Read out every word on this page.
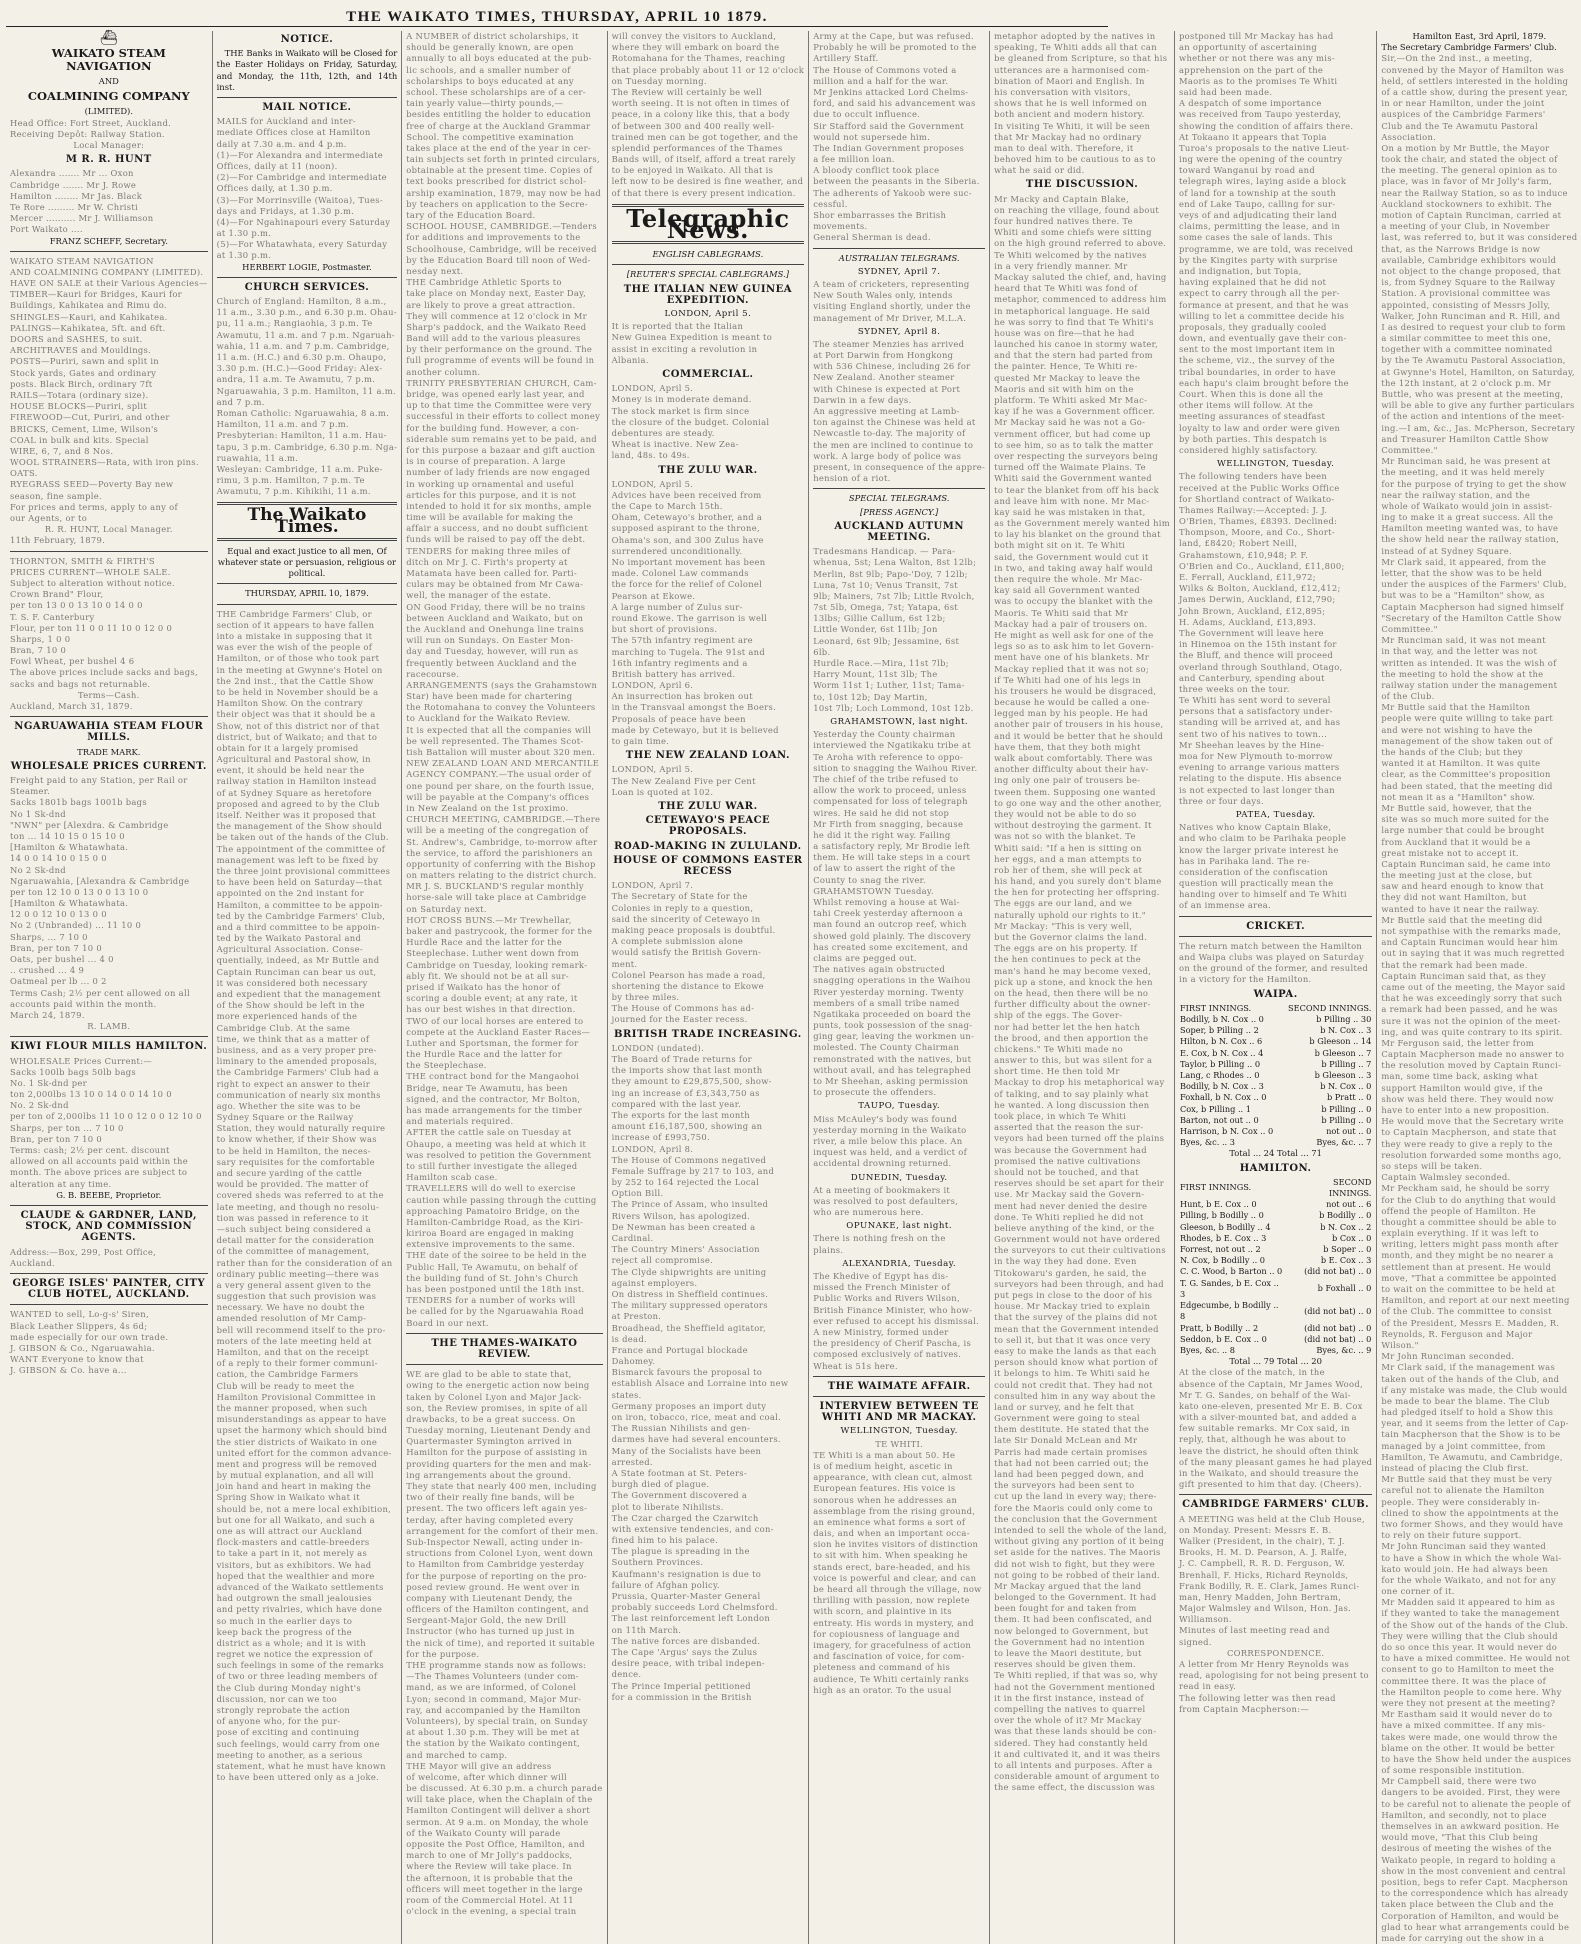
THE WAIKATO TIMES, THURSDAY, APRIL 10 1879.
⛴
WAIKATO STEAM NAVIGATION
AND
COALMINING COMPANY
(LIMITED).
Head Office: Fort Street, Auckland.
Receiving Depôt: Railway Station.
Local Manager:
M R. R. HUNT
Alexandra ....... Mr ... Oxon
Cambridge ....... Mr J. Rowe
Hamilton ........ Mr Jas. Black
Te Rore ......... Mr W. Christi
Mercer .......... Mr J. Williamson
Port Waikato ....
FRANZ SCHEFF, Secretary.
WAIKATO STEAM NAVIGATION
AND COALMINING COMPANY (LIMITED).
HAVE ON SALE at their Various Agencies—
TIMBER—Kauri for Bridges, Kauri for
Buildings, Kahikatea and Rimu do.
SHINGLES—Kauri, and Kahikatea.
PALINGS—Kahikatea, 5ft. and 6ft.
DOORS and SASHES, to suit.
ARCHITRAVES and Mouldings.
POSTS—Puriri, sawn and split in
Stock yards, Gates and ordinary
posts. Black Birch, ordinary 7ft
RAILS—Totara (ordinary size).
HOUSE BLOCKS—Puriri, split
FIREWOOD—Cut, Puriri, and other
BRICKS, Cement, Lime, Wilson's
COAL in bulk and kits. Special
WIRE, 6, 7, and 8 Nos.
WOOL STRAINERS—Rata, with iron pins.
OATS.
RYEGRASS SEED—Poverty Bay new
season, fine sample.
For prices and terms, apply to any of
our Agents, or to
R. R. HUNT, Local Manager.
11th February, 1879.
THORNTON, SMITH & FIRTH'S
PRICES CURRENT—WHOLE SALE.
Subject to alteration without notice.
Crown Brand" Flour,
per ton 13 0 0 13 10 0 14 0 0
T. S. F. Canterbury
Flour, per ton 11 0 0 11 10 0 12 0 0
Sharps, 1 0 0
Bran, 7 10 0
Fowl Wheat, per bushel 4 6
The above prices include sacks and bags,
sacks and bags not returnable.
Terms—Cash.
Auckland, March 31, 1879.
NGARUAWAHIA STEAM FLOUR MILLS.
TRADE MARK.
WHOLESALE PRICES CURRENT.
Freight paid to any Station, per Rail or
Steamer.
Sacks 1801b bags 1001b bags
No 1 Sk-dnd
"NWN" per [Alexdra. & Cambridge
ton ... 14 10 15 0 15 10 0
[Hamilton & Whatawhata.
14 0 0 14 10 0 15 0 0
No 2 Sk-dnd
Ngaruawahia, [Alexandra & Cambridge
per ton 12 10 0 13 0 0 13 10 0
[Hamilton & Whatawhata.
12 0 0 12 10 0 13 0 0
No 2 (Unbranded) ... 11 10 0
Sharps, ... 7 10 0
Bran, per ton 7 10 0
Oats, per bushel ... 4 0
.. crushed ... 4 9
Oatmeal per lb ... 0 2
Terms Cash; 2½ per cent allowed on all
accounts paid within the month.
March 24, 1879.
R. LAMB.
KIWI FLOUR MILLS HAMILTON.
WHOLESALE Prices Current:—
Sacks 100lb bags 50lb bags
No. 1 Sk-dnd per
ton 2,000lbs 13 10 0 14 0 0 14 10 0
No. 2 Sk-dnd
per ton of 2,000lbs 11 10 0 12 0 0 12 10 0
Sharps, per ton ... 7 10 0
Bran, per ton 7 10 0
Terms: cash; 2½ per cent. discount
allowed on all accounts paid within the
month. The above prices are subject to
alteration at any time.
G. B. BEEBE, Proprietor.
CLAUDE & GARDNER, LAND, STOCK, AND COMMISSION AGENTS.
Address:—Box, 299, Post Office,
Auckland.
GEORGE ISLES' PAINTER, CITY CLUB HOTEL, AUCKLAND.
WANTED to sell, Lo-g-s' Siren,
Black Leather Slippers, 4s 6d;
made especially for our own trade.
J. GIBSON & Co., Ngaruawahia.
WANT Everyone to know that
J. GIBSON & Co. have a...
NOTICE.

THE Banks in Waikato will be Closed for the Easter Holidays on Friday, Saturday, and Monday, the 11th, 12th, and 14th inst.

MAIL NOTICE.
MAILS for Auckland and inter-
mediate Offices close at Hamilton
daily at 7.30 a.m. and 4 p.m.
(1)—For Alexandra and intermediate
Offices, daily at 11 (noon).
(2)—For Cambridge and intermediate
Offices daily, at 1.30 p.m.
(3)—For Morrinsville (Waitoa), Tues-
days and Fridays, at 1.30 p.m.
(4)—For Ngahinapouri every Saturday
at 1.30 p.m.
(5)—For Whatawhata, every Saturday
at 1.30 p.m.
HERBERT LOGIE, Postmaster.
CHURCH SERVICES.
Church of England: Hamilton, 8 a.m.,
11 a.m., 3.30 p.m., and 6.30 p.m. Ohau-
pu, 11 a.m.; Rangiaohia, 3 p.m. Te
Awamutu, 11 a.m. and 7 p.m. Ngaruah-
wahia, 11 a.m. and 7 p.m. Cambridge,
11 a.m. (H.C.) and 6.30 p.m. Ohaupo,
3.30 p.m. (H.C.)—Good Friday: Alex-
andra, 11 a.m. Te Awamutu, 7 p.m.
Ngaruawahia, 3 p.m. Hamilton, 11 a.m.
and 7 p.m.
Roman Catholic: Ngaruawahia, 8 a.m.
Hamilton, 11 a.m. and 7 p.m.
Presbyterian: Hamilton, 11 a.m. Hau-
tapu, 3 p.m. Cambridge, 6.30 p.m. Nga-
ruawahia, 11 a.m.
Wesleyan: Cambridge, 11 a.m. Puke-
rimu, 3 p.m. Hamilton, 7 p.m. Te
Awamutu, 7 p.m. Kihikihi, 11 a.m.
The Waikato Times.

Equal and exact justice to all men, Of whatever state or persuasion, religious or political.

THURSDAY, APRIL 10, 1879.
THE Cambridge Farmers' Club, or
section of it appears to have fallen
into a mistake in supposing that it
was ever the wish of the people of
Hamilton, or of those who took part
in the meeting at Gwynne's Hotel on
the 2nd inst., that the Cattle Show
to be held in November should be a
Hamilton Show. On the contrary
their object was that it should be a
Show, not of this district nor of that
district, but of Waikato; and that to
obtain for it a largely promised
Agricultural and Pastoral show, in
event, it should be held near the
railway station in Hamilton instead
of at Sydney Square as heretofore
proposed and agreed to by the Club
itself. Neither was it proposed that
the management of the Show should
be taken out of the hands of the Club.
The appointment of the committee of
management was left to be fixed by
the three joint provisional committees
to have been held on Saturday—that
appointed on the 2nd instant for
Hamilton, a committee to be appoin-
ted by the Cambridge Farmers' Club,
and a third committee to be appoin-
ted by the Waikato Pastoral and
Agricultural Association. Conse-
quentially, indeed, as Mr Buttle and
Captain Runciman can bear us out,
it was considered both necessary
and expedient that the management
of the Show should be left in the
more experienced hands of the
Cambridge Club. At the same
time, we think that as a matter of
business, and as a very proper pre-
liminary to the amended proposals,
the Cambridge Farmers' Club had a
right to expect an answer to their
communication of nearly six months
ago. Whether the site was to be
Sydney Square or the Railway
Station, they would naturally require
to know whether, if their Show was
to be held in Hamilton, the neces-
sary requisites for the comfortable
and secure yarding of the cattle
would be provided. The matter of
covered sheds was referred to at the
late meeting, and though no resolu-
tion was passed in reference to it
—such subject being considered a
detail matter for the consideration
of the committee of management,
rather than for the consideration of an
ordinary public meeting—there was
a very general assent given to the
suggestion that such provision was
necessary. We have no doubt the
amended resolution of Mr Camp-
bell will recommend itself to the pro-
moters of the late meeting held at
Hamilton, and that on the receipt
of a reply to their former communi-
cation, the Cambridge Farmers
Club will be ready to meet the
Hamilton Provisional Committee in
the manner proposed, when such
misunderstandings as appear to have
upset the harmony which should bind
the stier districts of Waikato in one
united effort for the common advance-
ment and progress will be removed
by mutual explanation, and all will
join hand and heart in making the
Spring Show in Waikato what it
should be, not a mere local exhibition,
but one for all Waikato, and such a
one as will attract our Auckland
flock-masters and cattle-breeders
to take a part in it, not merely as
visitors, but as exhibitors. We had
hoped that the wealthier and more
advanced of the Waikato settlements
had outgrown the small jealousies
and petty rivalries, which have done
so much in the earlier days to
keep back the progress of the
district as a whole; and it is with
regret we notice the expression of
such feelings in some of the remarks
of two or three leading members of
the Club during Monday night's
discussion, nor can we too
strongly reprobate the action
of anyone who, for the pur-
pose of exciting and continuing
such feelings, would carry from one
meeting to another, as a serious
statement, what he must have known
to have been uttered only as a joke.
A NUMBER of district scholarships, it
should be generally known, are open
annually to all boys educated at the pub-
lic schools, and a smaller number of
scholarships to boys educated at any
school. These scholarships are of a cer-
tain yearly value—thirty pounds,—
besides entitling the holder to education
free of charge at the Auckland Grammar
School. The competitive examination
takes place at the end of the year in cer-
tain subjects set forth in printed circulars,
obtainable at the present time. Copies of
text books prescribed for district schol-
arship examination, 1879, may now be had
by teachers on application to the Secre-
tary of the Education Board.
SCHOOL HOUSE, CAMBRIDGE.—Tenders
for additions and improvements to the
Schoolhouse, Cambridge, will be received
by the Education Board till noon of Wed-
nesday next.
THE Cambridge Athletic Sports to
take place on Monday next, Easter Day,
are likely to prove a great attraction.
They will commence at 12 o'clock in Mr
Sharp's paddock, and the Waikato Reed
Band will add to the various pleasures
by their performance on the ground. The
full programme of events will be found in
another column.
TRINITY PRESBYTERIAN CHURCH, Cam-
bridge, was opened early last year, and
up to that time the Committee were very
successful in their efforts to collect money
for the building fund. However, a con-
siderable sum remains yet to be paid, and
for this purpose a bazaar and gift auction
is in course of preparation. A large
number of lady friends are now engaged
in working up ornamental and useful
articles for this purpose, and it is not
intended to hold it for six months, ample
time will be available for making the
affair a success, and no doubt sufficient
funds will be raised to pay off the debt.
TENDERS for making three miles of
ditch on Mr J. C. Firth's property at
Matamata have been called for. Parti-
culars may be obtained from Mr Cawa-
well, the manager of the estate.
ON Good Friday, there will be no trains
between Auckland and Waikato, but on
the Auckland and Onehunga line trains
will run on Sundays. On Easter Mon-
day and Tuesday, however, will run as
frequently between Auckland and the
racecourse.
ARRANGEMENTS (says the Grahamstown
Star) have been made for chartering
the Rotomahana to convey the Volunteers
to Auckland for the Waikato Review.
It is expected that all the companies will
be well represented. The Thames Scot-
tish Battalion will muster about 320 men.
NEW ZEALAND LOAN AND MERCANTILE
AGENCY COMPANY.—The usual order of
one pound per share, on the fourth issue,
will be payable at the Company's offices
in New Zealand on the 1st proximo.
CHURCH MEETING, CAMBRIDGE.—There
will be a meeting of the congregation of
St. Andrew's, Cambridge, to-morrow after
the service, to afford the parishioners an
opportunity of conferring with the Bishop
on matters relating to the district church.
MR J. S. BUCKLAND'S regular monthly
horse-sale will take place at Cambridge
on Saturday next.
HOT CROSS BUNS.—Mr Trewhellar,
baker and pastrycook, the former for the
Hurdle Race and the latter for the
Steeplechase. Luther went down from
Cambridge on Tuesday, looking remark-
ably fit. We should not be at all sur-
prised if Waikato has the honor of
scoring a double event; at any rate, it
has our best wishes in that direction.
TWO of our local horses are entered to
compete at the Auckland Easter Races—
Luther and Sportsman, the former for
the Hurdle Race and the latter for
the Steeplechase.
THE contract bond for the Mangaohoi
Bridge, near Te Awamutu, has been
signed, and the contractor, Mr Bolton,
has made arrangements for the timber
and materials required.
AFTER the cattle sale on Tuesday at
Ohaupo, a meeting was held at which it
was resolved to petition the Government
to still further investigate the alleged
Hamilton scab case.
TRAVELLERS will do well to exercise
caution while passing through the cutting
approaching Pamatoiro Bridge, on the
Hamilton-Cambridge Road, as the Kiri-
kiriroa Board are engaged in making
extensive improvements to the same.
THE date of the soiree to be held in the
Public Hall, Te Awamutu, on behalf of
the building fund of St. John's Church
has been postponed until the 18th inst.
TENDERS for a number of works will
be called for by the Ngaruawahia Road
Board in our next.
THE THAMES-WAIKATO REVIEW.
WE are glad to be able to state that,
owing to the energetic action now being
taken by Colonel Lyon and Major Jack-
son, the Review promises, in spite of all
drawbacks, to be a great success. On
Tuesday morning, Lieutenant Dendy and
Quartermaster Symington arrived in
Hamilton for the purpose of assisting in
providing quarters for the men and mak-
ing arrangements about the ground.
They state that nearly 400 men, including
two of their really fine bands, will be
present. The two officers left again yes-
terday, after having completed every
arrangement for the comfort of their men.
Sub-Inspector Newall, acting under in-
structions from Colonel Lyon, went down
to Hamilton from Cambridge yesterday
for the purpose of reporting on the pro-
posed review ground. He went over in
company with Lieutenant Dendy, the
officers of the Hamilton contingent, and
Sergeant-Major Gold, the new Drill
Instructor (who has turned up just in
the nick of time), and reported it suitable
for the purpose.
THE programme stands now as follows:
—The Thames Volunteers (under com-
mand, as we are informed, of Colonel
Lyon; second in command, Major Mur-
ray, and accompanied by the Hamilton
Volunteers), by special train, on Sunday
at about 1.30 p.m. They will be met at
the station by the Waikato contingent,
and marched to camp.
THE Mayor will give an address
of welcome, after which dinner will
be discussed. At 6.30 p.m. a church parade
will take place, when the Chaplain of the
Hamilton Contingent will deliver a short
sermon. At 9 a.m. on Monday, the whole
of the Waikato County will parade
opposite the Post Office, Hamilton, and
march to one of Mr Jolly's paddocks,
where the Review will take place. In
the afternoon, it is probable that the
officers will meet together in the large
room of the Commercial Hotel. At 11
o'clock in the evening, a special train
will convey the visitors to Auckland,
where they will embark on board the
Rotomahana for the Thames, reaching
that place probably about 11 or 12 o'clock
on Tuesday morning.
The Review will certainly be well
worth seeing. It is not often in times of
peace, in a colony like this, that a body
of between 300 and 400 really well-
trained men can be got together, and the
splendid performances of the Thames
Bands will, of itself, afford a treat rarely
to be enjoyed in Waikato. All that is
left now to be desired is fine weather, and
of that there is every present indication.
Telegraphic News.
ENGLISH CABLEGRAMS.
[REUTER'S SPECIAL CABLEGRAMS.]
THE ITALIAN NEW GUINEA EXPEDITION.
LONDON, April 5.
It is reported that the Italian
New Guinea Expedition is meant to
assist in exciting a revolution in
Albania.
COMMERCIAL.
LONDON, April 5.
Money is in moderate demand.
The stock market is firm since
the closure of the budget. Colonial
debentures are steady.
Wheat is inactive. New Zea-
land, 48s. to 49s.
THE ZULU WAR.
LONDON, April 5.
Advices have been received from
the Cape to March 15th.
Oham, Cetewayo's brother, and a
supposed aspirant to the throne,
Ohama's son, and 300 Zulus have
surrendered unconditionally.
No important movement has been
made. Colonel Law commands
the force for the relief of Colonel
Pearson at Ekowe.
A large number of Zulus sur-
round Ekowe. The garrison is well
but short of provisions.
The 57th infantry regiment are
marching to Tugela. The 91st and
16th infantry regiments and a
British battery has arrived.
LONDON, April 6.
An insurrection has broken out
in the Transvaal amongst the Boers.
Proposals of peace have been
made by Cetewayo, but it is believed
to gain time.
THE NEW ZEALAND LOAN.
LONDON, April 5.
The New Zealand Five per Cent
Loan is quoted at 102.
THE ZULU WAR.
CETEWAYO'S PEACE PROPOSALS.
ROAD-MAKING IN ZULULAND.
HOUSE OF COMMONS EASTER RECESS
LONDON, April 7.
The Secretary of State for the
Colonies in reply to a question,
said the sincerity of Cetewayo in
making peace proposals is doubtful.
A complete submission alone
would satisfy the British Govern-
ment.
Colonel Pearson has made a road,
shortening the distance to Ekowe
by three miles.
The House of Commons has ad-
journed for the Easter recess.
BRITISH TRADE INCREASING.
LONDON (undated).
The Board of Trade returns for
the imports show that last month
they amount to £29,875,500, show-
ing an increase of £3,343,750 as
compared with the last year.
The exports for the last month
amount £16,187,500, showing an
increase of £993,750.
LONDON, April 8.
The House of Commons negatived
Female Suffrage by 217 to 103, and
by 252 to 164 rejected the Local
Option Bill.
The Prince of Assam, who insulted
Rivers Wilson, has apologized.
De Newman has been created a
Cardinal.
The Country Miners' Association
reject all compromise.
The Clyde shipwrights are uniting
against employers.
On distress in Sheffield continues.
The military suppressed operators
at Preston.
Broadhead, the Sheffield agitator,
is dead.
France and Portugal blockade
Dahomey.
Bismarck favours the proposal to
establish Alsace and Lorraine into new
states.
Germany proposes an import duty
on iron, tobacco, rice, meat and coal.
The Russian Nihilists and gen-
darmes have had several encounters.
Many of the Socialists have been
arrested.
A State footman at St. Peters-
burgh died of plague.
The Government discovered a
plot to liberate Nihilists.
The Czar charged the Czarwitch
with extensive tendencies, and con-
fined him to his palace.
The plague is spreading in the
Southern Provinces.
Kaufmann's resignation is due to
failure of Afghan policy.
Prussia, Quarter-Master General
probably succeeds Lord Chelmsford.
The last reinforcement left London
on 11th March.
The native forces are disbanded.
The Cape 'Argus' says the Zulus
desire peace, with tribal indepen-
dence.
The Prince Imperial petitioned
for a commission in the British
Army at the Cape, but was refused.
Probably he will be promoted to the
Artillery Staff.
The House of Commons voted a
million and a half for the war.
Mr Jenkins attacked Lord Chelms-
ford, and said his advancement was
due to occult influence.
Sir Stafford said the Government
would not supersede him.
The Indian Government proposes
a fee million loan.
A bloody conflict took place
between the peasants in the Siberia.
The adherents of Yakoob were suc-
cessful.
Shor embarrasses the British
movements.
General Sherman is dead.
AUSTRALIAN TELEGRAMS.
SYDNEY, April 7.
A team of cricketers, representing
New South Wales only, intends
visiting England shortly, under the
management of Mr Driver, M.L.A.
SYDNEY, April 8.
The steamer Menzies has arrived
at Port Darwin from Hongkong
with 536 Chinese, including 26 for
New Zealand. Another steamer
with Chinese is expected at Port
Darwin in a few days.
An aggressive meeting at Lamb-
ton against the Chinese was held at
Newcastle to-day. The majority of
the men are inclined to continue to
work. A large body of police was
present, in consequence of the appre-
hension of a riot.
SPECIAL TELEGRAMS.
[PRESS AGENCY.]
AUCKLAND AUTUMN MEETING.
Tradesmans Handicap. — Para-
whenua, 5st; Lena Walton, 8st 12lb;
Merlin, 8st 9lb; Papo-'Doy, 7 12lb;
Luna, 7st 10; Venus Transit, 7st
9lb; Mainers, 7st 7lb; Little Rvolch,
7st 5lb, Omega, 7st; Yatapa, 6st
13lbs; Gillie Callum, 6st 12b;
Little Wonder, 6st 11lb; Jon
Leonard, 6st 9lb; Jessamine, 6st
6lb.
Hurdle Race.—Mira, 11st 7lb;
Harry Mount, 11st 3lb; The
Worm 11st 1; Luther, 11st; Tama-
to, 10st 12b; Day Martin,
10st 7lb; Loch Lommond, 10st 12b.
GRAHAMSTOWN, last night.
Yesterday the County chairman
interviewed the Ngatikaku tribe at
Te Aroha with reference to oppo-
sition to snagging the Waihou River.
The chief of the tribe refused to
allow the work to proceed, unless
compensated for loss of telegraph
wires. He said he did not stop
Mr Firth from snagging, because
he did it the right way. Failing
a satisfactory reply, Mr Brodie left
them. He will take steps in a court
of law to assert the right of the
County to snag the river.
GRAHAMSTOWN Tuesday.
Whilst removing a house at Wai-
tahi Creek yesterday afternoon a
man found an outcrop reef, which
showed gold plainly. The discovery
has created some excitement, and
claims are pegged out.
The natives again obstructed
snagging operations in the Waihou
River yesterday morning. Twenty
members of a small tribe named
Ngatikaka proceeded on board the
punts, took possession of the snag-
ging gear, leaving the workmen un-
molested. The County Chairman
remonstrated with the natives, but
without avail, and has telegraphed
to Mr Sheehan, asking permission
to prosecute the offenders.
TAUPO, Tuesday.
Miss McAuley's body was found
yesterday morning in the Waikato
river, a mile below this place. An
inquest was held, and a verdict of
accidental drowning returned.
DUNEDIN, Tuesday.
At a meeting of bookmakers it
was resolved to post defaulters,
who are numerous here.
OPUNAKE, last night.
There is nothing fresh on the
plains.
ALEXANDRIA, Tuesday.
The Khedive of Egypt has dis-
missed the French Minister of
Public Works and Rivers Wilson,
British Finance Minister, who how-
ever refused to accept his dismissal.
A new Ministry, formed under
the presidency of Cherif Pascha, is
composed exclusively of natives.
Wheat is 51s here.
THE WAIMATE AFFAIR.
INTERVIEW BETWEEN TE WHITI AND MR MACKAY.
WELLINGTON, Tuesday.
TE WHITI.
TE Whiti is a man about 50. He
is of medium height, ascetic in
appearance, with clean cut, almost
European features. His voice is
sonorous when he addresses an
assemblage from the rising ground,
an eminence what forms a sort of
dais, and when an important occa-
sion he invites visitors of distinction
to sit with him. When speaking he
stands erect, bare-headed, and his
voice is powerful and clear, and can
be heard all through the village, now
thrilling with passion, now replete
with scorn, and plaintive in its
entreaty. His words in mystery, and
for copiousness of language and
imagery, for gracefulness of action
and fascination of voice, for com-
pleteness and command of his
audience, Te Whiti certainly ranks
high as an orator. To the usual
metaphor adopted by the natives in
speaking, Te Whiti adds all that can
be gleaned from Scripture, so that his
utterances are a harmonised com-
bination of Maori and English. In
his conversation with visitors,
shows that he is well informed on
both ancient and modern history.
In visiting Te Whiti, it will be seen
that Mr Mackay had no ordinary
man to deal with. Therefore, it
behoved him to be cautious to as to
what he said or did.
THE DISCUSSION.
Mr Macky and Captain Blake,
on reaching the village, found about
four hundred natives there. Te
Whiti and some chiefs were sitting
on the high ground referred to above.
Te Whiti welcomed by the natives
in a very friendly manner. Mr
Mackay saluted the chief, and, having
heard that Te Whiti was fond of
metaphor, commenced to address him
in metaphorical language. He said
he was sorry to find that Te Whiti's
house was on fire—that he had
launched his canoe in stormy water,
and that the stern had parted from
the painter. Hence, Te Whiti re-
quested Mr Mackay to leave the
Maoris and sit with him on the
platform. Te Whiti asked Mr Mac-
kay if he was a Government officer.
Mr Mackay said he was not a Go-
vernment officer, but had come up
to see him, so as to talk the matter
over respecting the surveyors being
turned off the Waimate Plains. Te
Whiti said the Government wanted
to tear the blanket from off his back
and leave him with none. Mr Mac-
kay said he was mistaken in that,
as the Government merely wanted him
to lay his blanket on the ground that
both might sit on it. Te Whiti
said, the Government would cut it
in two, and taking away half would
then require the whole. Mr Mac-
kay said all Government wanted
was to occupy the blanket with the
Maoris. Te Whiti said that Mr
Mackay had a pair of trousers on.
He might as well ask for one of the
legs so as to ask him to let Govern-
ment have one of his blankets. Mr
Mackay replied that it was not so;
if Te Whiti had one of his legs in
his trousers he would be disgraced,
because he would be called a one-
legged man by his people. He had
another pair of trousers in his house,
and it would be better that he should
have them, that they both might
walk about comfortably. There was
another difficulty about their hav-
ing only one pair of trousers be-
tween them. Supposing one wanted
to go one way and the other another,
they would not be able to do so
without destroying the garment. It
was not so with the blanket. Te
Whiti said: "If a hen is sitting on
her eggs, and a man attempts to
rob her of them, she will peck at
his hand, and you surely don't blame
the hen for protecting her offspring.
The eggs are our land, and we
naturally uphold our rights to it."
Mr Mackay: "This is very well,
but the Governor claims the land.
The eggs are on his property. If
the hen continues to peck at the
man's hand he may become vexed,
pick up a stone, and knock the hen
on the head, then there will be no
further difficulty about the owner-
ship of the eggs. The Gover-
nor had better let the hen hatch
the brood, and then apportion the
chickens." Te Whiti made no
answer to this, but was silent for a
short time. He then told Mr
Mackay to drop his metaphorical way
of talking, and to say plainly what
he wanted. A long discussion then
took place, in which Te Whiti
asserted that the reason the sur-
veyors had been turned off the plains
was because the Government had
promised the native cultivations
should not be touched, and that
reserves should be set apart for their
use. Mr Mackay said the Govern-
ment had never denied the desire
done. Te Whiti replied he did not
believe anything of the kind, or the
Government would not have ordered
the surveyors to cut their cultivations
in the way they had done. Even
Titokowaru's garden, he said, the
surveyors had been through, and had
put pegs in close to the door of his
house. Mr Mackay tried to explain
that the survey of the plains did not
mean that the Government intended
to sell it, but that it was once very
easy to make the lands as that each
person should know what portion of
it belongs to him. Te Whiti said he
could not credit that. They had not
consulted him in any way about the
land or survey, and he felt that
Government were going to steal
them destitute. He stated that the
late Sir Donald McLean and Mr
Parris had made certain promises
that had not been carried out; the
land had been pegged down, and
the surveyors had been sent to
cut up the land in every way; there-
fore the Maoris could only come to
the conclusion that the Government
intended to sell the whole of the land,
without giving any portion of it being
set aside for the natives. The Maoris
did not wish to fight, but they were
not going to be robbed of their land.
Mr Mackay argued that the land
belonged to the Government. It had
been fought for and taken from
them. It had been confiscated, and
now belonged to Government, but
the Government had no intention
to leave the Maori destitute, but
reserves should be given them.
Te Whiti replied, if that was so, why
had not the Government mentioned
it in the first instance, instead of
compelling the natives to quarrel
over the whole of it? Mr Mackay
was that these lands should be con-
sidered. They had constantly held
it and cultivated it, and it was theirs
to all intents and purposes. After a
considerable amount of argument to
the same effect, the discussion was
postponed till Mr Mackay has had
an opportunity of ascertaining
whether or not there was any mis-
apprehension on the part of the
Maoris as to the promises Te Whiti
said had been made.
A despatch of some importance
was received from Taupo yesterday,
showing the condition of affairs there.
At Tokaano it appears that Topia
Turoa's proposals to the native Lieut-
ing were the opening of the country
toward Wanganui by road and
telegraph wires, laying aside a block
of land for a township at the south
end of Lake Taupo, calling for sur-
veys of and adjudicating their land
claims, permitting the lease, and in
some cases the sale of lands. This
programme, we are told, was received
by the Kingites party with surprise
and indignation, but Topia,
having explained that he did not
expect to carry through all the per-
formance at present, and that he was
willing to let a committee decide his
proposals, they gradually cooled
down, and eventually gave their con-
sent to the most important item in
the scheme, viz., the survey of the
tribal boundaries, in order to have
each hapu's claim brought before the
Court. When this is done all the
other items will follow. At the
meeting assurances of steadfast
loyalty to law and order were given
by both parties. This despatch is
considered highly satisfactory.
WELLINGTON, Tuesday.
The following tenders have been
received at the Public Works Office
for Shortland contract of Waikato-
Thames Railway:—Accepted: J. J.
O'Brien, Thames, £8393. Declined:
Thompson, Moore, and Co., Short-
land, £8420; Robert Neill,
Grahamstown, £10,948; P. F.
O'Brien and Co., Auckland, £11,800;
E. Ferrall, Auckland, £11,972;
Wilks & Bolton, Auckland, £12,412;
James Derwin, Auckland, £12,790;
John Brown, Auckland, £12,895;
H. Adams, Auckland, £13,893.
The Government will leave here
in Hinemoa on the 15th instant for
the Bluff, and thence will proceed
overland through Southland, Otago,
and Canterbury, spending about
three weeks on the tour.
Te Whiti has sent word to several
persons that a satisfactory under-
standing will be arrived at, and has
sent two of his natives to town...
Mr Sheehan leaves by the Hine-
moa for New Plymouth to-morrow
evening to arrange various matters
relating to the dispute. His absence
is not expected to last longer than
three or four days.
PATEA, Tuesday.
Natives who know Captain Blake,
and who claim to be Parihaka people
know the larger private interest he
has in Parihaka land. The re-
consideration of the confiscation
question will practically mean the
handing over to himself and Te Whiti
of an immense area.
CRICKET.
The return match between the Hamilton
and Waipa clubs was played on Saturday
on the ground of the former, and resulted
in a victory for the Hamilton.
WAIPA.
FIRST INNINGS.	SECOND INNINGS.
Bodilly, b N. Cox .. 0	b Pilling .. 30
Soper, b Pilling .. 2	b N. Cox .. 3
Hilton, b N. Cox .. 6	b Gleeson .. 14
E. Cox, b N. Cox .. 4	b Gleeson .. 7
Taylor, b Pilling .. 0	b Pilling .. 7
Lang, c Rhodes .. 0	b Gleeson .. 3
Bodilly, b N. Cox .. 3	b N. Cox .. 0
Foxhall, b N. Cox .. 0	b Pratt .. 0
Cox, b Pilling .. 1	b Pilling .. 0
Barton, not out .. 0	b Pilling .. 0
Harrison, b N. Cox .. 0	not out .. 0
Byes, &c. .. 3	Byes, &c. .. 7
Total ... 24 Total ... 71
HAMILTON.
FIRST INNINGS.	SECOND INNINGS.
Hunt, b E. Cox .. 0	not out .. 6
Pilling, b Bodilly .. 0	b Bodilly .. 0
Gleeson, b Bodilly .. 4	b N. Cox .. 2
Rhodes, b E. Cox .. 3	b Cox .. 0
Forrest, not out .. 2	b Soper .. 0
N. Cox, b Bodilly .. 0	b E. Cox .. 3
C. C. Wood, b Barton .. 0	(did not bat) .. 0
T. G. Sandes, b E. Cox .. 3	b Foxhall .. 0
Edgecumbe, b Bodilly .. 8	(did not bat) .. 0
Pratt, b Bodilly .. 2	(did not bat) .. 0
Seddon, b E. Cox .. 0	(did not bat) .. 0
Byes, &c. .. 8	Byes, &c. .. 9
Total ... 79 Total ... 20
At the close of the match, in the
absence of the Captain, Mr James Wood,
Mr T. G. Sandes, on behalf of the Wai-
kato one-eleven, presented Mr E. B. Cox
with a silver-mounted bat, and added a
few suitable remarks. Mr Cox said, in
reply, that, although he was about to
leave the district, he should often think
of the many pleasant games he had played
in the Waikato, and should treasure the
gift presented to him that day. (Cheers).
CAMBRIDGE FARMERS' CLUB.
A MEETING was held at the Club House,
on Monday. Present: Messrs E. B.
Walker (President, in the chair), T. J.
Brooks, H. M. D. Pearson, A. J. Ralfe,
J. C. Campbell, R. R. D. Ferguson, W.
Brenhall, F. Hicks, Richard Reynolds,
Frank Bodilly, R. E. Clark, James Runci-
man, Henry Madden, John Bertram,
Major Walmsley and Wilson, Hon. Jas.
Williamson.
Minutes of last meeting read and
signed.
CORRESPONDENCE.
A letter from Mr Henry Reynolds was
read, apologising for not being present to
read in easy.
The following letter was then read
from Captain Macpherson:—
Hamilton East, 3rd April, 1879.
The Secretary Cambridge Farmers' Club.
Sir,—On the 2nd inst., a meeting,
convened by the Mayor of Hamilton was
held, of settlers interested in the holding
of a cattle show, during the present year,
in or near Hamilton, under the joint
auspices of the Cambridge Farmers'
Club and the Te Awamutu Pastoral
Association.
On a motion by Mr Buttle, the Mayor
took the chair, and stated the object of
the meeting. The general opinion as to
place, was in favor of Mr Jolly's farm,
near the Railway Station, so as to induce
Auckland stockowners to exhibit. The
motion of Captain Runciman, carried at
a meeting of your Club, in November
last, was referred to, but it was considered
that, as the Narrows Bridge is now
available, Cambridge exhibitors would
not object to the change proposed, that
is, from Sydney Square to the Railway
Station. A provisional committee was
appointed, consisting of Messrs Jolly,
Walker, John Runciman and R. Hill, and
I as desired to request your club to form
a similar committee to meet this one,
together with a committee nominated
by the Te Awamutu Pastoral Association,
at Gwynne's Hotel, Hamilton, on Saturday,
the 12th instant, at 2 o'clock p.m. Mr
Buttle, who was present at the meeting,
will be able to give any further particulars
of the action and intentions of the meet-
ing.—I am, &c., Jas. McPherson, Secretary
and Treasurer Hamilton Cattle Show
Committee."
Mr Runciman said, he was present at
the meeting, and it was held merely
for the purpose of trying to get the show
near the railway station, and the
whole of Waikato would join in assist-
ing to make it a great success. All the
Hamilton meeting wanted was, to have
the show held near the railway station,
instead of at Sydney Square.
Mr Clark said, it appeared, from the
letter, that the show was to be held
under the auspices of the Farmers' Club,
but was to be a "Hamilton" show, as
Captain Macpherson had signed himself
"Secretary of the Hamilton Cattle Show
Committee."
Mr Runciman said, it was not meant
in that way, and the letter was not
written as intended. It was the wish of
the meeting to hold the show at the
railway station under the management
of the Club.
Mr Buttle said that the Hamilton
people were quite willing to take part
and were not wishing to have the
management of the show taken out of
the hands of the Club; but they
wanted it at Hamilton. It was quite
clear, as the Committee's proposition
had been stated, that the meeting did
not mean it as a "Hamilton" show.
Mr Buttle said, however, that the
site was so much more suited for the
large number that could be brought
from Auckland that it would be a
great mistake not to accept it.
Captain Runciman said, he came into
the meeting just at the close, but
saw and heard enough to know that
they did not want Hamilton, but
wanted to have it near the railway.
Mr Buttle said that the meeting did
not sympathise with the remarks made,
and Captain Runciman would hear him
out in saying that it was much regretted
that the remark had been made.
Captain Runciman said that, as they
came out of the meeting, the Mayor said
that he was exceedingly sorry that such
a remark had been passed, and he was
sure it was not the opinion of the meet-
ing, and was quite contrary to its spirit.
Mr Ferguson said, the letter from
Captain Macpherson made no answer to
the resolution moved by Captain Runci-
man, some time back, asking what
support Hamilton would give, if the
show was held there. They would now
have to enter into a new proposition.
He would move that the Secretary write
to Captain Macpherson, and state that
they were ready to give a reply to the
resolution forwarded some months ago,
so steps will be taken.
Captain Walmsley seconded.
Mr Peckham said, he should be sorry
for the Club to do anything that would
offend the people of Hamilton. He
thought a committee should be able to
explain everything. If it was left to
writing, letters might pass month after
month, and they might be no nearer a
settlement than at present. He would
move, "That a committee be appointed
to wait on the committee to be held at
Hamilton, and report at our next meeting
of the Club. The committee to consist
of the President, Messrs E. Madden, R.
Reynolds, R. Ferguson and Major
Wilson."
Mr John Runciman seconded.
Mr Clark said, if the management was
taken out of the hands of the Club, and
if any mistake was made, the Club would
be made to bear the blame. The Club
had pledged itself to hold a Show this
year, and it seems from the letter of Cap-
tain Macpherson that the Show is to be
managed by a joint committee, from
Hamilton, Te Awamutu, and Cambridge,
instead of placing the Club first.
Mr Buttle said that they must be very
careful not to alienate the Hamilton
people. They were considerably in-
clined to show the appointments at the
two former Shows, and they would have
to rely on their future support.
Mr John Runciman said they wanted
to have a Show in which the whole Wai-
kato would join. He had always been
for the whole Waikato, and not for any
one corner of it.
Mr Madden said it appeared to him as
if they wanted to take the management
of the Show out of the hands of the Club.
They were willing that the Club should
do so once this year. It would never do
to have a mixed committee. He would not
consent to go to Hamilton to meet the
committee there. It was the place of
the Hamilton people to come here. Why
were they not present at the meeting?
Mr Eastham said it would never do to
have a mixed committee. If any mis-
takes were made, one would throw the
blame on the other. It would be better
to have the Show held under the auspices
of some responsible institution.
Mr Campbell said, there were two
dangers to be avoided. First, they were
to be careful not to alienate the people of
Hamilton, and secondly, not to place
themselves in an awkward position. He
would move, "That this Club being
desirous of meeting the wishes of the
Waikato people, in regard to holding a
show in the most convenient and central
position, begs to refer Capt. Macpherson
to the correspondence which has already
taken place between the Club and the
Corporation of Hamilton, and would be
glad to hear what arrangements could be
made for carrying out the show in a
